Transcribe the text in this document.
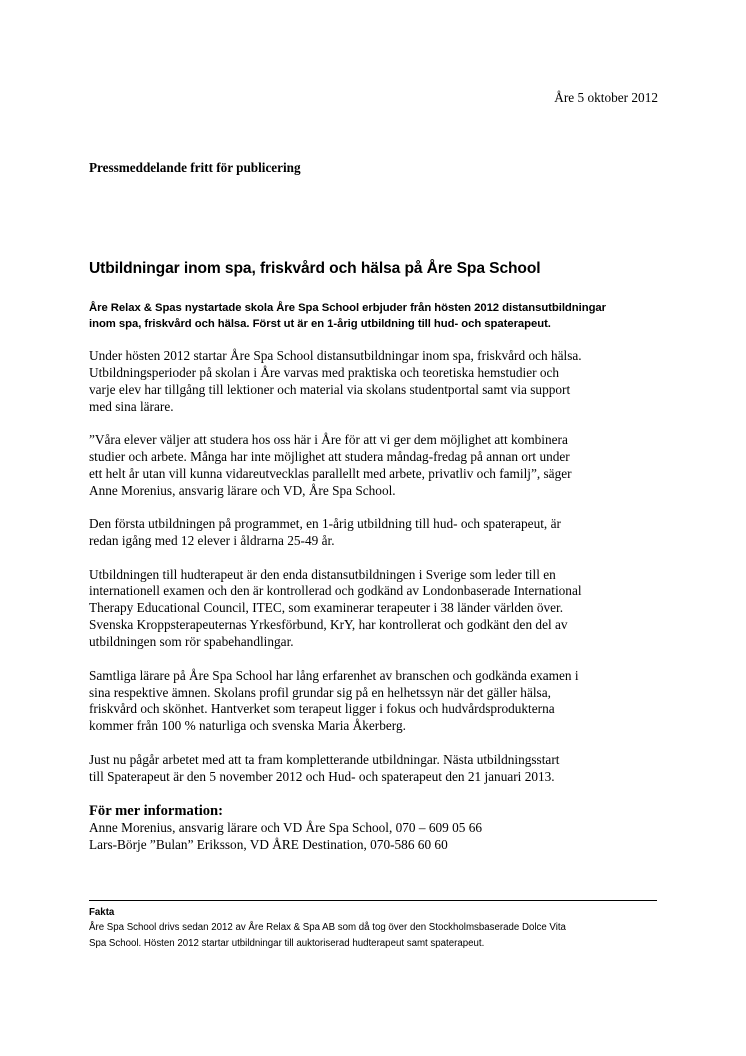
Åre 5 oktober 2012
Pressmeddelande fritt för publicering
Utbildningar inom spa, friskvård och hälsa på Åre Spa School
Åre Relax & Spas nystartade skola Åre Spa School erbjuder från hösten 2012 distansutbildningar
inom spa, friskvård och hälsa. Först ut är en 1-årig utbildning till hud- och spaterapeut.

Under hösten 2012 startar Åre Spa School distansutbildningar inom spa, friskvård och hälsa.
Utbildningsperioder på skolan i Åre varvas med praktiska och teoretiska hemstudier och
varje elev har tillgång till lektioner och material via skolans studentportal samt via support
med sina lärare.

”Våra elever väljer att studera hos oss här i Åre för att vi ger dem möjlighet att kombinera
studier och arbete. Många har inte möjlighet att studera måndag-fredag på annan ort under
ett helt år utan vill kunna vidareutvecklas parallellt med arbete, privatliv och familj”, säger
Anne Morenius, ansvarig lärare och VD, Åre Spa School.

Den första utbildningen på programmet, en 1-årig utbildning till hud- och spaterapeut, är
redan igång med 12 elever i åldrarna 25-49 år.

Utbildningen till hudterapeut är den enda distansutbildningen i Sverige som leder till en
internationell examen och den är kontrollerad och godkänd av Londonbaserade International
Therapy Educational Council, ITEC, som examinerar terapeuter i 38 länder världen över.
Svenska Kroppsterapeuternas Yrkesförbund, KrY, har kontrollerat och godkänt den del av
utbildningen som rör spabehandlingar.

Samtliga lärare på Åre Spa School har lång erfarenhet av branschen och godkända examen i
sina respektive ämnen. Skolans profil grundar sig på en helhetssyn när det gäller hälsa,
friskvård och skönhet. Hantverket som terapeut ligger i fokus och hudvårdsprodukterna
kommer från 100 % naturliga och svenska Maria Åkerberg.

Just nu pågår arbetet med att ta fram kompletterande utbildningar. Nästa utbildningsstart
till Spaterapeut är den 5 november 2012 och Hud- och spaterapeut den 21 januari 2013.

För mer information:
Anne Morenius, ansvarig lärare och VD Åre Spa School, 070 – 609 05 66
Lars-Börje ”Bulan” Eriksson, VD ÅRE Destination, 070-586 60 60
Fakta
Åre Spa School drivs sedan 2012 av Åre Relax & Spa AB som då tog över den Stockholmsbaserade Dolce Vita
Spa School. Hösten 2012 startar utbildningar till auktoriserad hudterapeut samt spaterapeut.
